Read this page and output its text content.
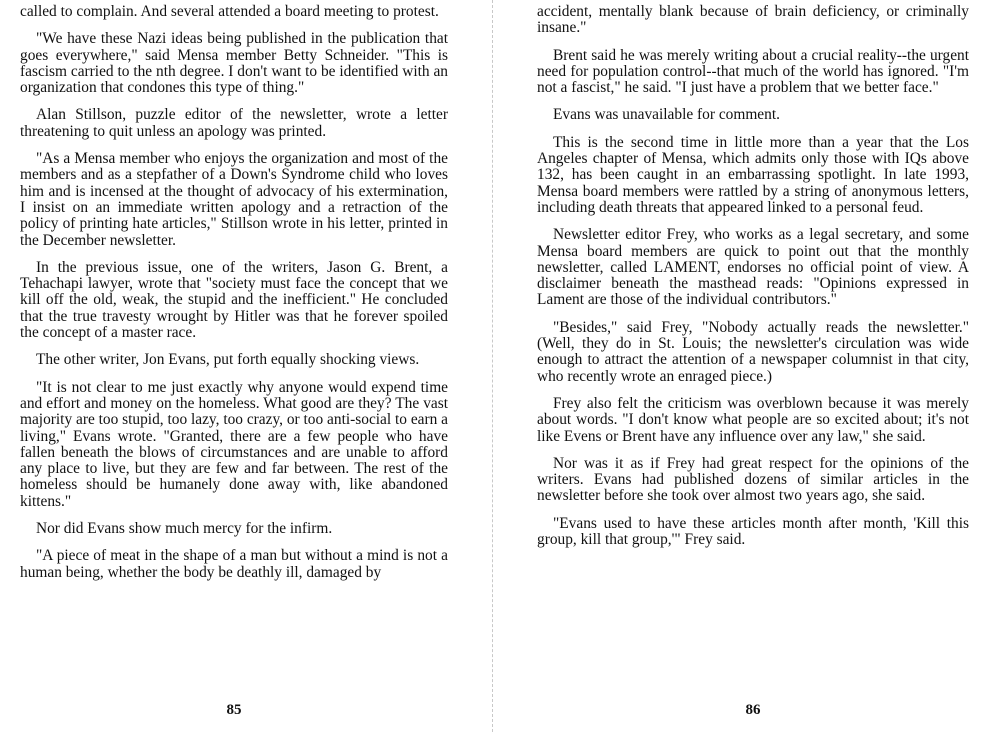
called to complain. And several attended a board meeting to protest.

"We have these Nazi ideas being published in the publication that goes everywhere," said Mensa member Betty Schneider. "This is fascism carried to the nth degree. I don't want to be identified with an organization that condones this type of thing."

Alan Stillson, puzzle editor of the newsletter, wrote a letter threatening to quit unless an apology was printed.

"As a Mensa member who enjoys the organization and most of the members and as a stepfather of a Down's Syndrome child who loves him and is incensed at the thought of advocacy of his extermination, I insist on an immediate written apology and a retraction of the policy of printing hate articles," Stillson wrote in his letter, printed in the December newsletter.

In the previous issue, one of the writers, Jason G. Brent, a Tehachapi lawyer, wrote that "society must face the concept that we kill off the old, weak, the stupid and the inefficient." He concluded that the true travesty wrought by Hitler was that he forever spoiled the concept of a master race.

The other writer, Jon Evans, put forth equally shocking views.

"It is not clear to me just exactly why anyone would expend time and effort and money on the homeless. What good are they? The vast majority are too stupid, too lazy, too crazy, or too anti-social to earn a living," Evans wrote. "Granted, there are a few people who have fallen beneath the blows of circumstances and are unable to afford any place to live, but they are few and far between. The rest of the homeless should be humanely done away with, like abandoned kittens."

Nor did Evans show much mercy for the infirm.

"A piece of meat in the shape of a man but without a mind is not a human being, whether the body be deathly ill, damaged by

85

accident, mentally blank because of brain deficiency, or criminally insane."

Brent said he was merely writing about a crucial reality--the urgent need for population control--that much of the world has ignored. "I'm not a fascist," he said. "I just have a problem that we better face."

Evans was unavailable for comment.

This is the second time in little more than a year that the Los Angeles chapter of Mensa, which admits only those with IQs above 132, has been caught in an embarrassing spotlight. In late 1993, Mensa board members were rattled by a string of anonymous letters, including death threats that appeared linked to a personal feud.

Newsletter editor Frey, who works as a legal secretary, and some Mensa board members are quick to point out that the monthly newsletter, called LAMENT, endorses no official point of view. A disclaimer beneath the masthead reads: "Opinions expressed in Lament are those of the individual contributors."

"Besides," said Frey, "Nobody actually reads the newsletter." (Well, they do in St. Louis; the newsletter's circulation was wide enough to attract the attention of a newspaper columnist in that city, who recently wrote an enraged piece.)

Frey also felt the criticism was overblown because it was merely about words. "I don't know what people are so excited about; it's not like Evens or Brent have any influence over any law," she said.

Nor was it as if Frey had great respect for the opinions of the writers. Evans had published dozens of similar articles in the newsletter before she took over almost two years ago, she said.

"Evans used to have these articles month after month, 'Kill this group, kill that group,'" Frey said.

86
